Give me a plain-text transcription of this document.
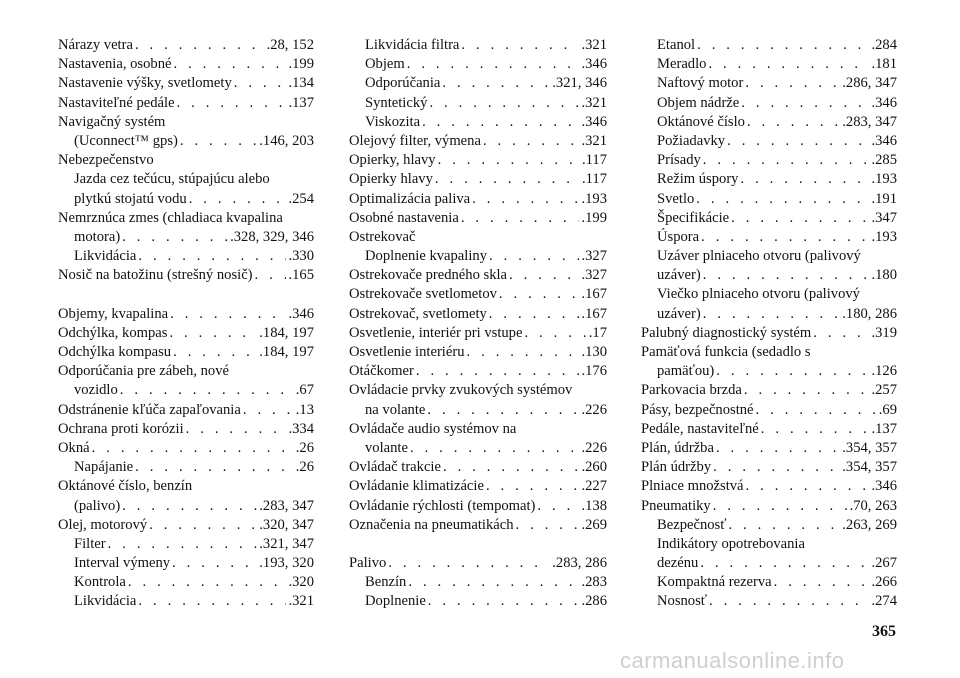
Nárazy vetra . . .	.28, 152
Nastavenia, osobné . . .	.199
Nastavenie výšky, svetlomety . . .	.134
Nastaviteľné pedále . . .	.137
Navigačný systém
(Uconnect™ gps) . . .	.146, 203
Nebezpečenstvo
Jazda cez tečúcu, stúpajúcu alebo
plytkú stojatú vodu . . .	.254
Nemrznúca zmes (chladiaca kvapalina
motora) . . .	.328, 329, 346
Likvidácia . . .	.330
Nosič na batožinu (strešný nosič) . . . .165
Objemy, kvapalina . . .	.346
Odchýlka, kompas . . .	.184, 197
Odchýlka kompasu . . .	.184, 197
Odporúčania pre zábeh, nové
vozidlo . . .	.67
Odstránenie kľúča zapaľovania . . .	.13
Ochrana proti korózii . . .	.334
Okná . . .	.26
Napájanie . . .	.26
Oktánové číslo, benzín
(palivo) . . .	.283, 347
Olej, motorový . . .	.320, 347
Filter . . .	.321, 347
Interval výmeny . . .	.193, 320
Kontrola . . .	.320
Likvidácia . . .	.321
Likvidácia filtra . . .	.321
Objem . . .	.346
Odporúčania . . .	.321, 346
Syntetický . . .	.321
Viskozita . . .	.346
Olejový filter, výmena . . .	.321
Opierky, hlavy . . .	.117
Opierky hlavy . . .	.117
Optimalizácia paliva . . .	.193
Osobné nastavenia . . .	.199
Ostrekovač
Doplnenie kvapaliny . . .	.327
Ostrekovače predného skla . . .	.327
Ostrekovače svetlometov . . .	.167
Ostrekovač, svetlomety . . .	.167
Osvetlenie, interiér pri vstupe . . .	.17
Osvetlenie interiéru . . .	.130
Otáčkomer . . .	.176
Ovládacie prvky zvukových systémov
na volante . . .	.226
Ovládače audio systémov na
volante . . .	.226
Ovládač trakcie . . .	.260
Ovládanie klimatizácie . . .	.227
Ovládanie rýchlosti (tempomat) . . .	.138
Označenia na pneumatikách . . .	.269
Palivo . . .	.283, 286
Benzín . . .	.283
Doplnenie . . .	.286
Etanol . . .	.284
Meradlo . . .	.181
Naftový motor . . .	.286, 347
Objem nádrže . . .	.346
Oktánové číslo . . .	.283, 347
Požiadavky . . .	.346
Prísady . . .	.285
Režim úspory . . .	.193
Svetlo . . .	.191
Špecifikácie . . .	.347
Úspora . . .	.193
Uzáver plniaceho otvoru (palivový
uzáver) . . .	.180
Viečko plniaceho otvoru (palivový
uzáver) . . .	.180, 286
Palubný diagnostický systém . . .	.319
Pamäťová funkcia (sedadlo s
pamäťou) . . .	.126
Parkovacia brzda . . .	.257
Pásy, bezpečnostné . . .	.69
Pedále, nastaviteľné . . .	.137
Plán, údržba . . .	.354, 357
Plán údržby . . .	.354, 357
Plniace množstvá . . .	.346
Pneumatiky . . .	.70, 263
Bezpečnosť . . .	.263, 269
Indikátory opotrebovania
dezénu . . .	.267
Kompaktná rezerva . . .	.266
Nosnosť . . .	.274
365
carmanualsonline.info
